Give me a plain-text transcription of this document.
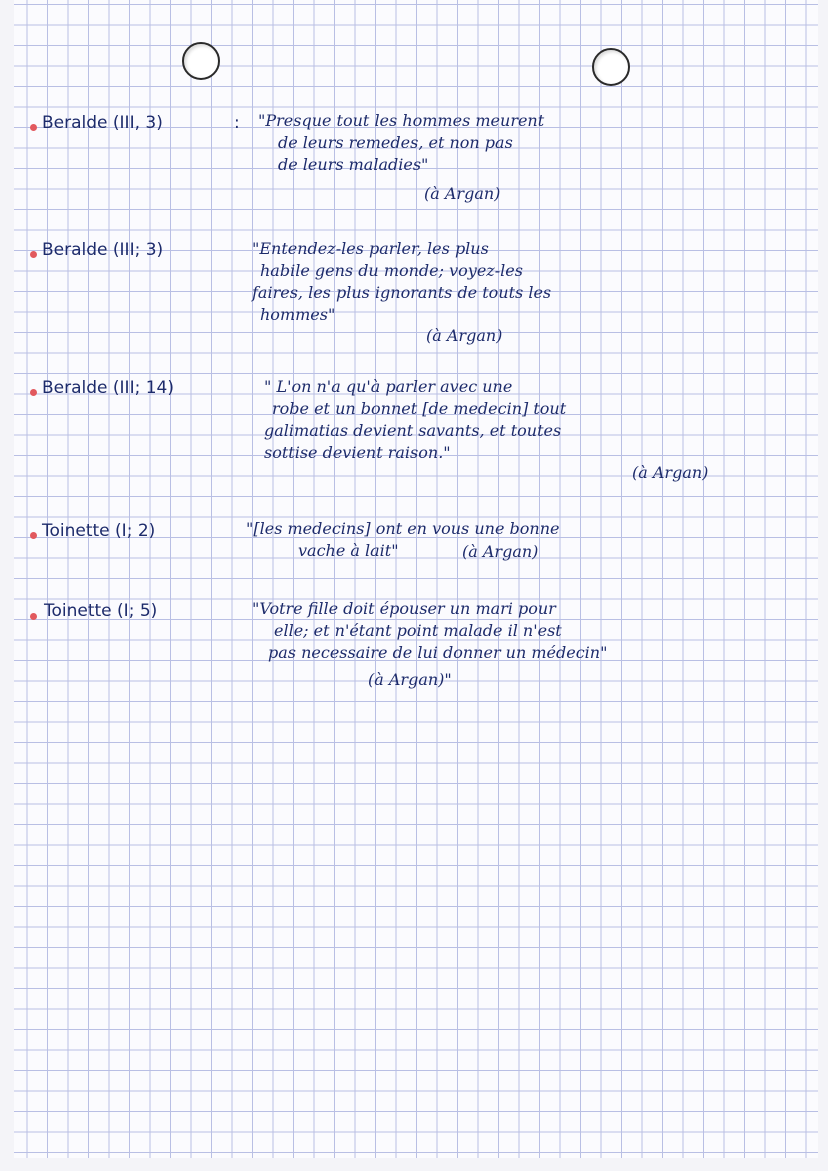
Beralde (III, 3)	: "Presque tout les hommes meurent
de leurs remedes, et non pas
de leurs maladies"
(à Argan)
Beralde (III; 3)	"Entendez-les parler, les plus
habile gens du monde; voyez-les
faires, les plus ignorants de touts les
hommes"
(à Argan)
Beralde (III; 14)	" L'on n'a qu'à parler avec une
robe et un bonnet [de medecin] tout
galimatias devient savants, et toutes
sottise devient raison."
(à Argan)
Toinette (I; 2)	"[les medecins] ont en vous une bonne
vache à lait"	(à Argan)
Toinette (I; 5)	"Votre fille doit épouser un mari pour
elle; et n'étant point malade il n'est
pas necessaire de lui donner un médecin"
(à Argan)"
